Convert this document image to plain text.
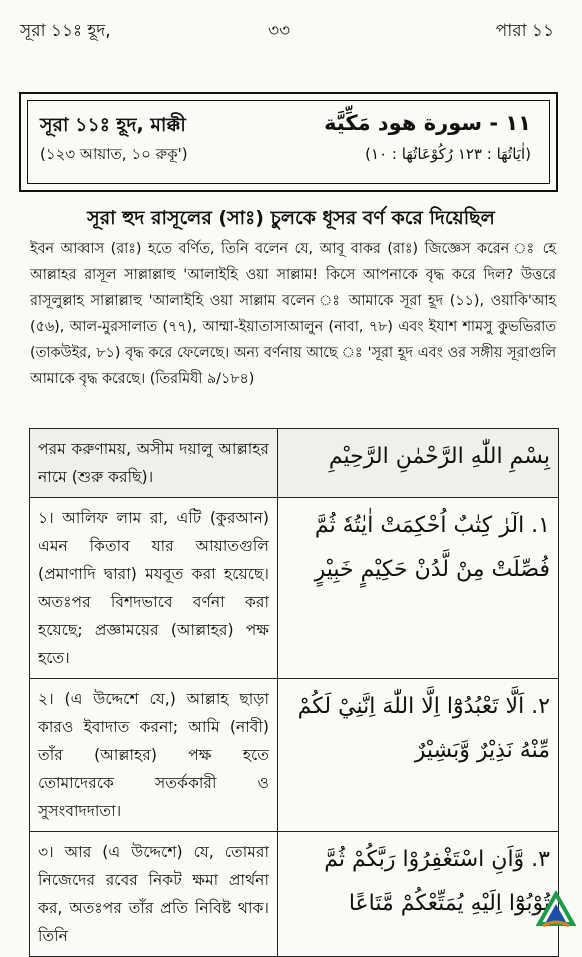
সূরা ১১ঃ হূদ,	৩৩	পারা ১১
সূরা ১১ঃ হূদ, মাক্কী
(১২৩ আয়াত, ১০ রুকূ')
١١ - سورة هود مَكِّيَّة
(اٰيَاتُهَا : ١٢٣ رُكُوْعَاتُهَا : ١٠)
সূরা হুদ রাসূলের (সাঃ) চুলকে ধূসর বর্ণ করে দিয়েছিল

ইবন আব্বাস (রাঃ) হতে বর্ণিত, তিনি বলেন যে, আবূ বাকর (রাঃ) জিজ্ঞেস করেন ঃ হে আল্লাহর রাসূল সাল্লাল্লাহু 'আলাইহি ওয়া সাল্লাম! কিসে আপনাকে বৃদ্ধ করে দিল? উত্তরে রাসূলুল্লাহ সাল্লাল্লাহু 'আলাইহি ওয়া সাল্লাম বলেন ঃ আমাকে সূরা হূদ (১১), ওয়াকি'আহ (৫৬), আল-মুরসালাত (৭৭), আম্মা-ইয়াতাসাআলুন (নাবা, ৭৮) এবং ইযাশ শামসু কুভভিরাত (তাকউইর, ৮১) বৃদ্ধ করে ফেলেছে। অন্য বর্ণনায় আছে ঃ 'সূরা হূদ এবং ওর সঙ্গীয় সূরাগুলি আমাকে বৃদ্ধ করেছে। (তিরমিযী ৯/১৮৪)

পরম করুণাময়, অসীম দয়ালু আল্লাহর নামে (শুরু করছি)।	بِسْمِ اللّٰهِ الرَّحْمٰنِ الرَّحِيْمِ
১। আলিফ লাম রা, এটি (কুরআন) এমন কিতাব যার আয়াতগুলি (প্রমাণাদি দ্বারা) মযবূত করা হয়েছে। অতঃপর বিশদভাবে বর্ণনা করা হয়েছে; প্রজ্ঞাময়ের (আল্লাহর) পক্ষ হতে।	١. الٓرٰ كِتٰبٌ اُحْكِمَتْ اٰيٰتُهٗ ثُمَّ فُصِّلَتْ مِنْ لَّدُنْ حَكِيْمٍ خَبِيْرٍ
২। (এ উদ্দেশে যে,) আল্লাহ ছাড়া কারও ইবাদাত করনা; আমি (নাবী) তাঁর (আল্লাহর) পক্ষ হতে তোমাদেরকে সতর্ককারী ও সুসংবাদদাতা।	٢. اَلَّا تَعْبُدُوْٓا اِلَّا اللّٰهَ اِنَّنِيْ لَكُمْ مِّنْهُ نَذِيْرٌ وَّبَشِيْرٌ
৩। আর (এ উদ্দেশে) যে, তোমরা নিজেদের রবের নিকট ক্ষমা প্রার্থনা কর, অতঃপর তাঁর প্রতি নিবিষ্ট থাক। তিনি	٣. وَّاَنِ اسْتَغْفِرُوْا رَبَّكُمْ ثُمَّ تُوْبُوْٓا اِلَيْهِ يُمَتِّعْكُمْ مَّتَاعًا
